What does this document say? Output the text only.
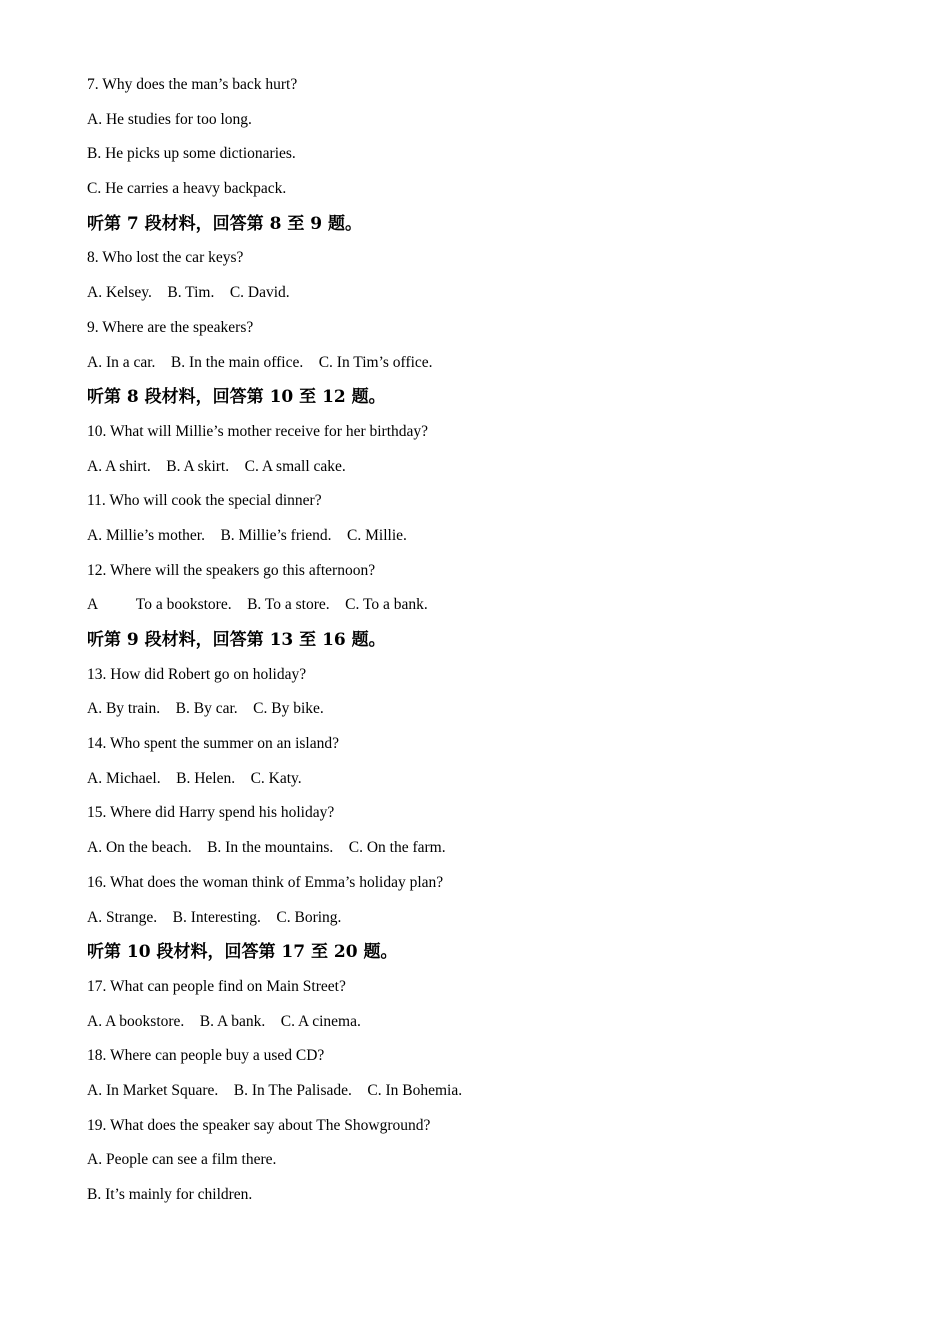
7. Why does the man’s back hurt?
A. He studies for too long.
B. He picks up some dictionaries.
C. He carries a heavy backpack.
听第 7 段材料，回答第 8 至 9 题。
8. Who lost the car keys?
A. Kelsey.    B. Tim.    C. David.
9. Where are the speakers?
A. In a car.    B. In the main office.    C. In Tim’s office.
听第 8 段材料，回答第 10 至 12 题。
10. What will Millie’s mother receive for her birthday?
A. A shirt.    B. A skirt.    C. A small cake.
11. Who will cook the special dinner?
A. Millie’s mother.    B. Millie’s friend.    C. Millie.
12. Where will the speakers go this afternoon?
A          To a bookstore.    B. To a store.    C. To a bank.
听第 9 段材料，回答第 13 至 16 题。
13. How did Robert go on holiday?
A. By train.    B. By car.    C. By bike.
14. Who spent the summer on an island?
A. Michael.    B. Helen.    C. Katy.
15. Where did Harry spend his holiday?
A. On the beach.    B. In the mountains.    C. On the farm.
16. What does the woman think of Emma’s holiday plan?
A. Strange.    B. Interesting.    C. Boring.
听第 10 段材料，回答第 17 至 20 题。
17. What can people find on Main Street?
A. A bookstore.    B. A bank.    C. A cinema.
18. Where can people buy a used CD?
A. In Market Square.    B. In The Palisade.    C. In Bohemia.
19. What does the speaker say about The Showground?
A. People can see a film there.
B. It’s mainly for children.
